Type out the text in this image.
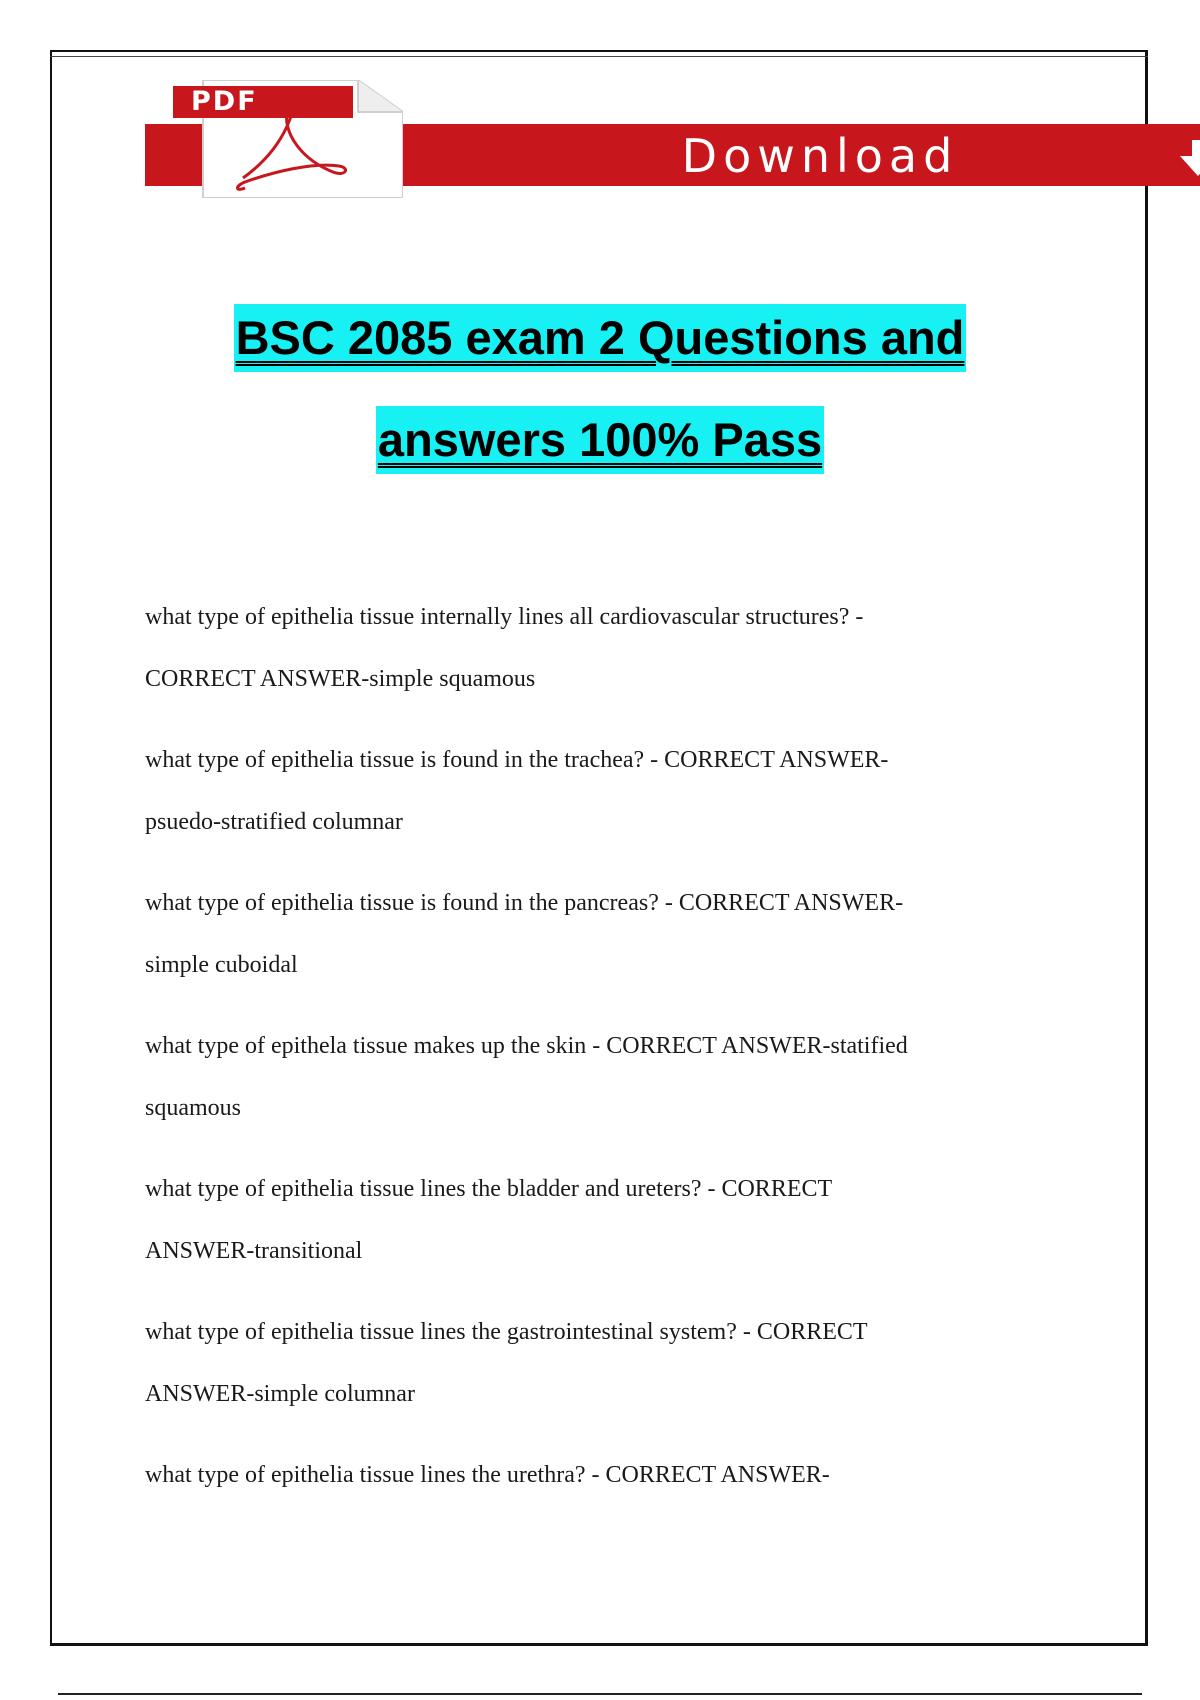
PDF

Download

BSC 2085 exam 2 Questions and
answers 100% Pass

what type of epithelia tissue internally lines all cardiovascular structures? -

CORRECT ANSWER-simple squamous

what type of epithelia tissue is found in the trachea? - CORRECT ANSWER-

psuedo-stratified columnar

what type of epithelia tissue is found in the pancreas? - CORRECT ANSWER-

simple cuboidal

what type of epithela tissue makes up the skin - CORRECT ANSWER-statified

squamous

what type of epithelia tissue lines the bladder and ureters? - CORRECT

ANSWER-transitional

what type of epithelia tissue lines the gastrointestinal system? - CORRECT

ANSWER-simple columnar

what type of epithelia tissue lines the urethra? - CORRECT ANSWER-
